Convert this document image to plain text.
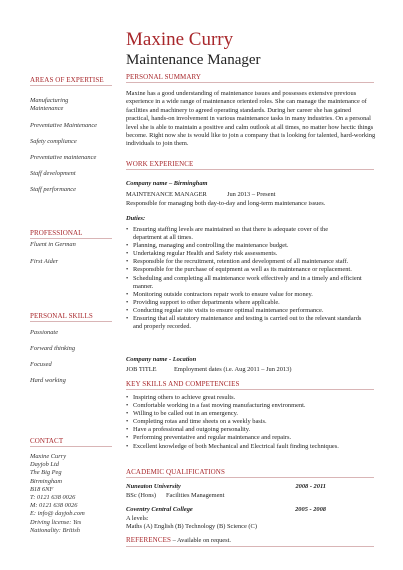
Maxine Curry
Maintenance Manager
AREAS OF EXPERTISE
Manufacturing Maintenance
Preventative Maintenance
Safety compliance
Preventative maintenance
Staff development
Staff performance
PROFESSIONAL
Fluent in German
First Aider
PERSONAL SKILLS
Passionate
Forward thinking
Focused
Hard working
CONTACT
Maxine Curry
Dayjob Ltd
The Big Peg
Birmingham
B18 6NF
T: 0121 638 0026
M: 0121 638 0026
E: info@ dayjob.com
Driving license: Yes
Nationality: British
PERSONAL SUMMARY
Maxine has a good understanding of maintenance issues and possesses extensive previous experience in a wide range of maintenance oriented roles. She can manage the maintenance of facilities and machinery to agreed operating standards. During her career she has gained practical, hands-on involvement in various maintenance tasks in many industries. On a personal level she is able to maintain a positive and calm outlook at all times, no matter how hectic things become. Right now she is would like to join a company that is looking for talented, hard-working individuals to join them.
WORK EXPERIENCE
Company name – Birmingham
MAINTENANCE MANAGER	Jun 2013 – Present
Responsible for managing both day-to-day and long-term maintenance issues.
Duties:
• Ensuring staffing levels are maintained so that there is adequate cover of the department at all times.
• Planning, managing and controlling the maintenance budget.
• Undertaking regular Health and Safety risk assessments.
• Responsible for the recruitment, retention and development of all maintenance staff.
• Responsible for the purchase of equipment as well as its maintenance or replacement.
• Scheduling and completing all maintenance work effectively and in a timely and efficient manner.
• Monitoring outside contractors repair work to ensure value for money.
• Providing support to other departments where applicable.
• Conducting regular site visits to ensure optimal maintenance performance.
• Ensuring that all statutory maintenance and testing is carried out to the relevant standards and properly recorded.
Company name - Location
JOB TITLE	Employment dates (i.e. Aug 2011 – Jun 2013)
KEY SKILLS AND COMPETENCIES
• Inspiring others to achieve great results.
• Comfortable working in a fast moving manufacturing environment.
• Willing to be called out in an emergency.
• Completing rotas and time sheets on a weekly basis.
• Have a professional and outgoing personality.
• Performing preventative and regular maintenance and repairs.
• Excellent knowledge of both Mechanical and Electrical fault finding techniques.
ACADEMIC QUALIFICATIONS
Nuneaton University	2008 - 2011
BSc (Hons) Facilities Management
Coventry Central College	2005 - 2008
A levels:
Maths (A) English (B) Technology (B) Science (C)
REFERENCES – Available on request.
